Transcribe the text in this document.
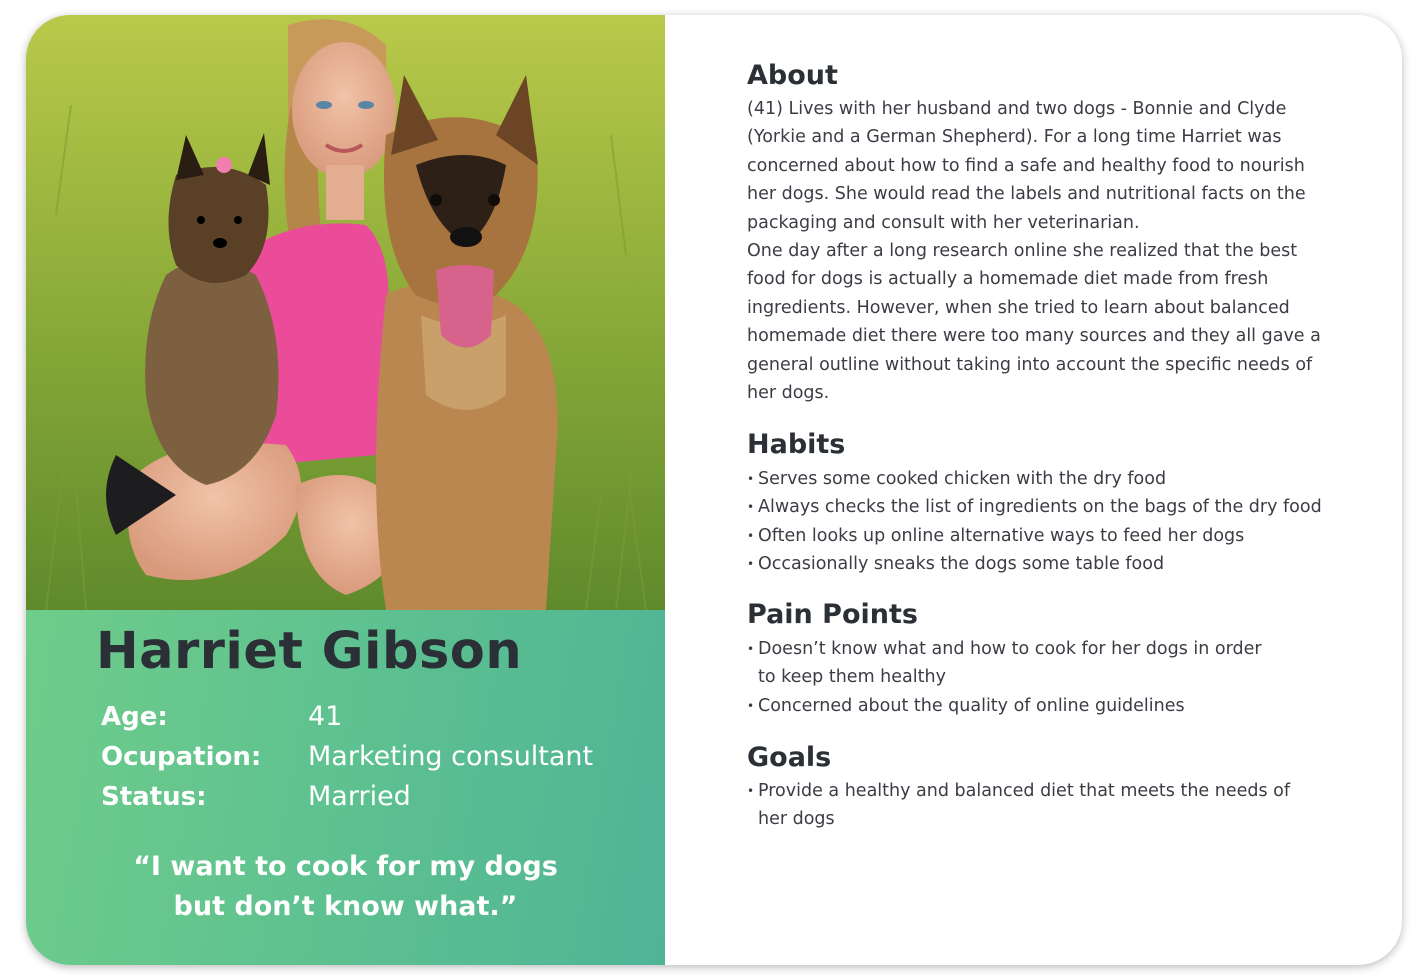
Harriet Gibson
Age:	41
Ocupation: Marketing consultant
Status:	Married
“I want to cook for my dogs
but don’t know what.”
About

(41) Lives with her husband and two dogs - Bonnie and Clyde (Yorkie and a German Shepherd). For a long time Harriet was concerned about how to find a safe and healthy food to nourish her dogs. She would read the labels and nutritional facts on the packaging and consult with her veterinarian.

One day after a long research online she realized that the best food for dogs is actually a homemade diet made from fresh ingredients. However, when she tried to learn about balanced homemade diet there were too many sources and they all gave a general outline without taking into account the specific needs of her dogs.

Habits
• Serves some cooked chicken with the dry food
• Always checks the list of ingredients on the bags of the dry food
• Often looks up online alternative ways to feed her dogs
• Occasionally sneaks the dogs some table food
Pain Points
• Doesn’t know what and how to cook for her dogs in order to keep them healthy
• Concerned about the quality of online guidelines
Goals
• Provide a healthy and balanced diet that meets the needs of her dogs
